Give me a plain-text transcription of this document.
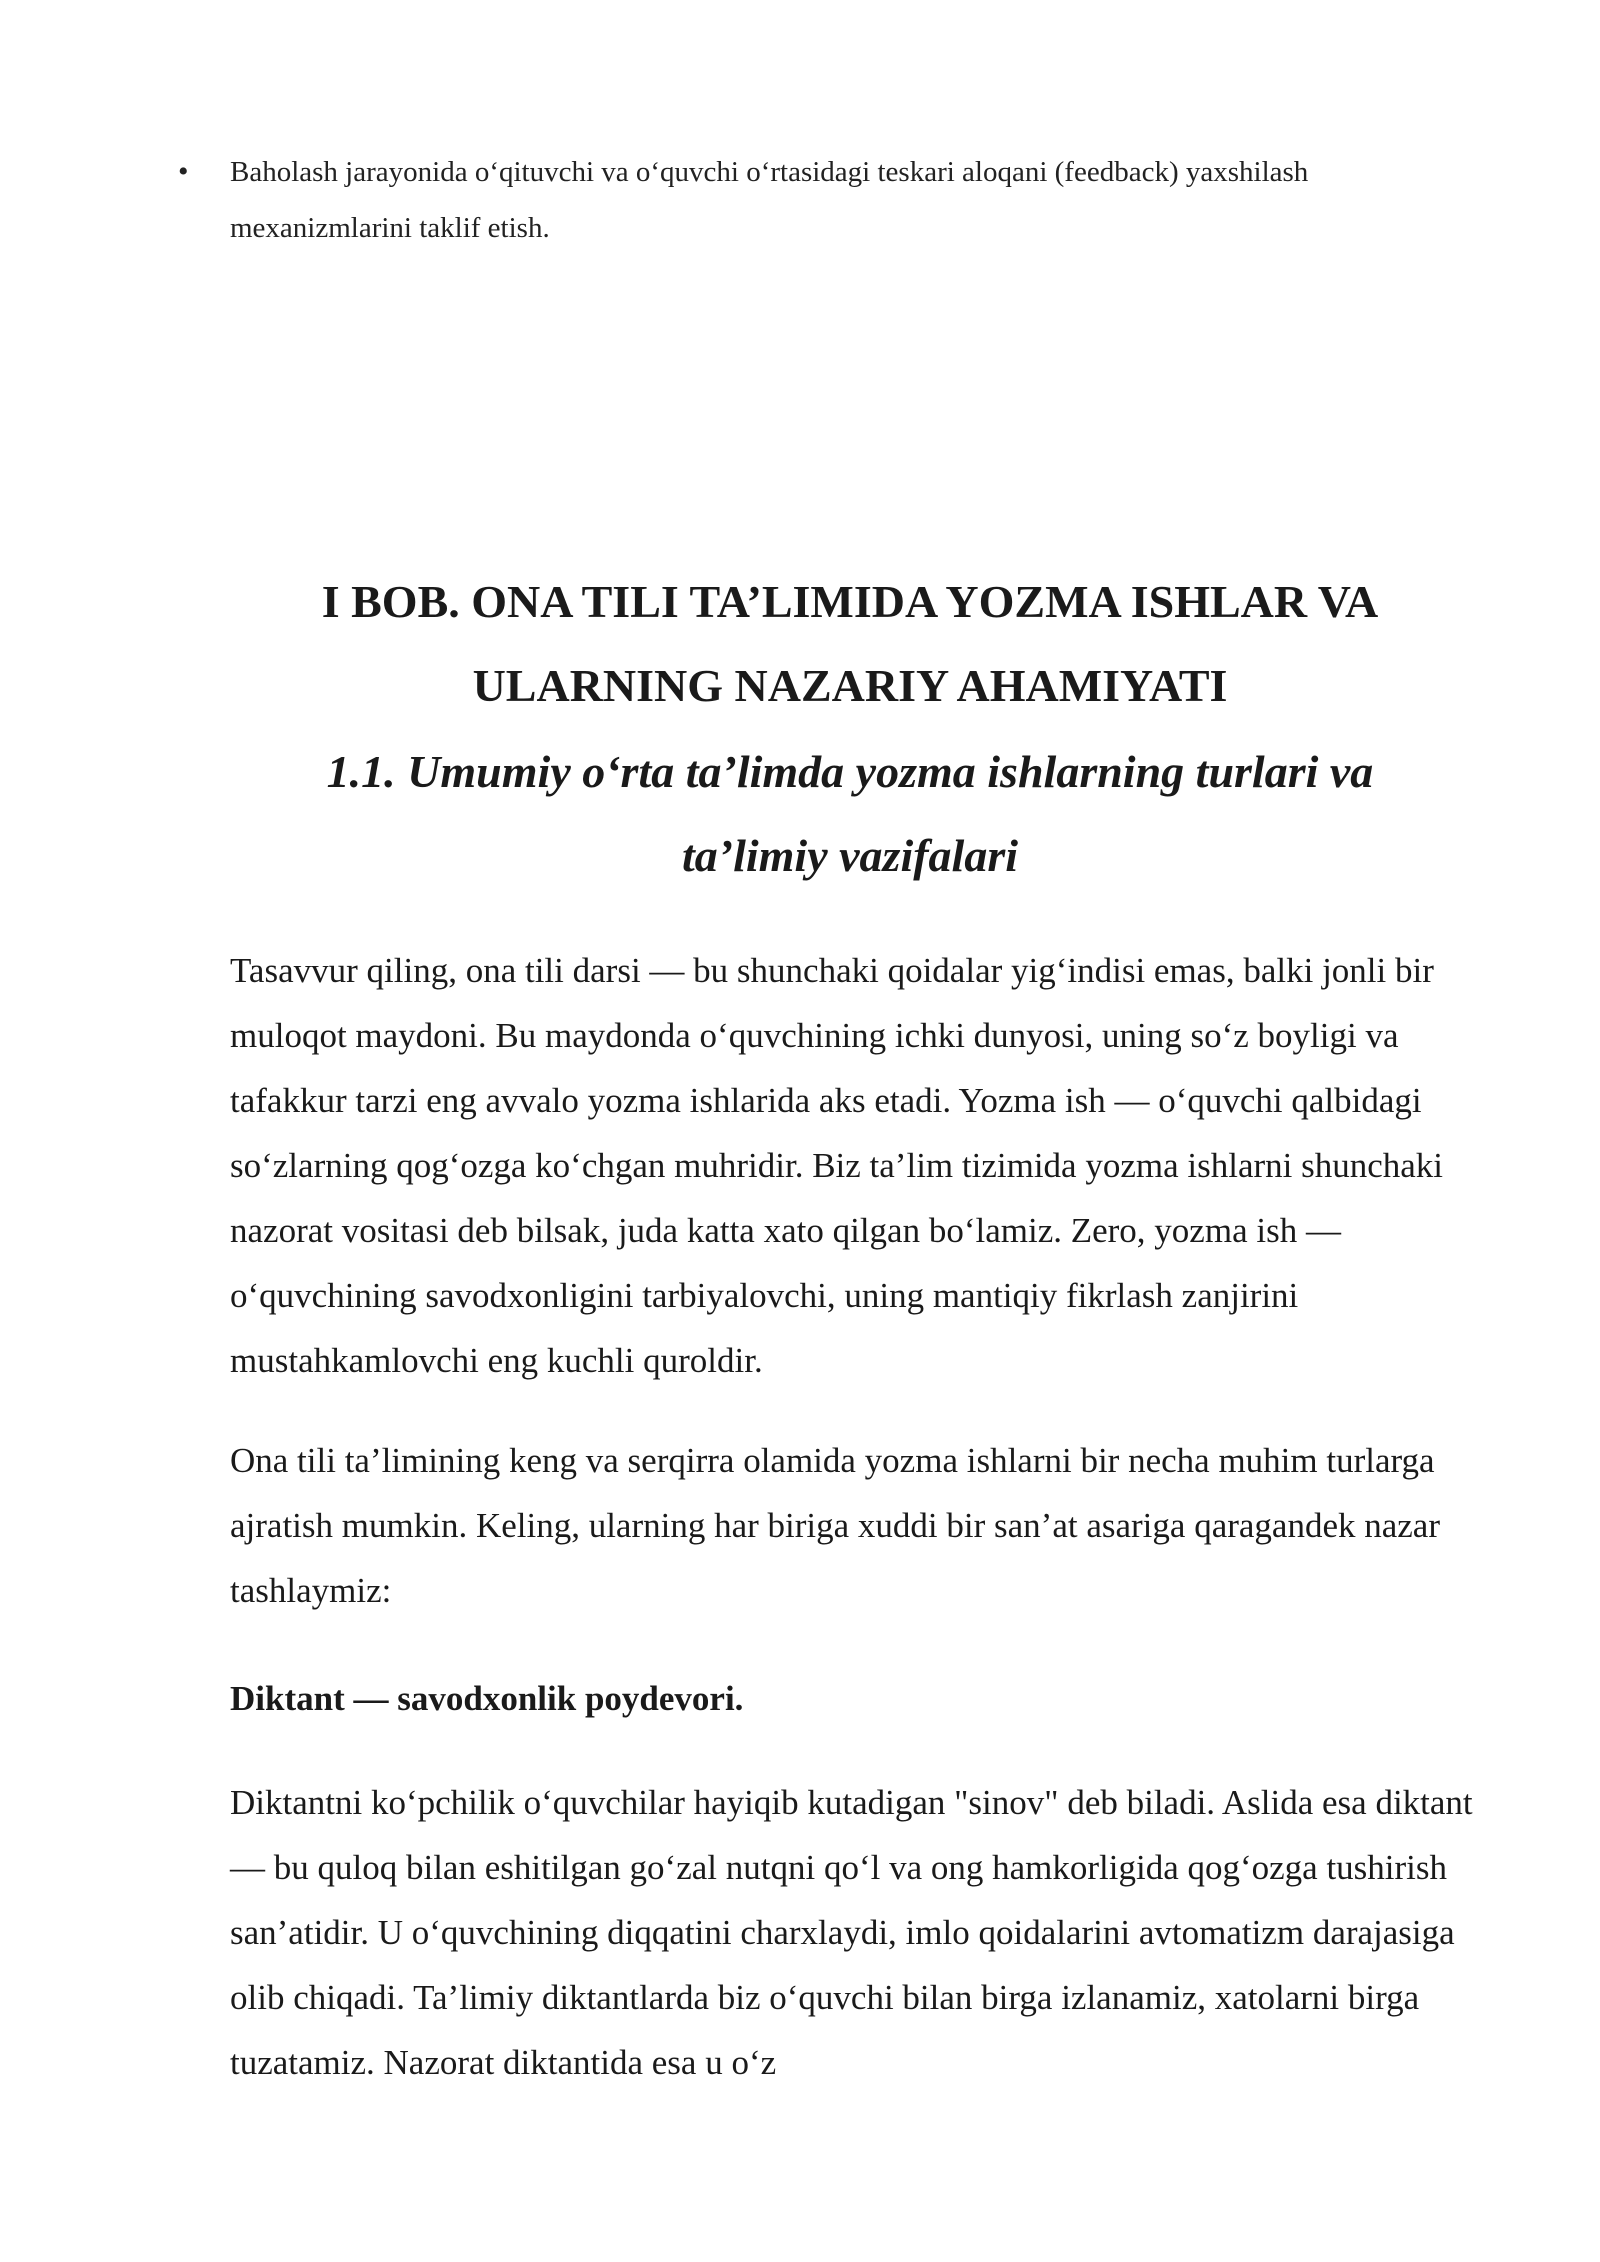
• Baholash jarayonida o‘qituvchi va o‘quvchi o‘rtasidagi teskari aloqani (feedback) yaxshilash mexanizmlarini taklif etish.
I BOB. ONA TILI TA’LIMIDA YOZMA ISHLAR VA ULARNING NAZARIY AHAMIYATI
1.1. Umumiy o‘rta ta’limda yozma ishlarning turlari va ta’limiy vazifalari

Tasavvur qiling, ona tili darsi — bu shunchaki qoidalar yig‘indisi emas, balki jonli bir muloqot maydoni. Bu maydonda o‘quvchining ichki dunyosi, uning so‘z boyligi va tafakkur tarzi eng avvalo yozma ishlarida aks etadi. Yozma ish — o‘quvchi qalbidagi so‘zlarning qog‘ozga ko‘chgan muhridir. Biz ta’lim tizimida yozma ishlarni shunchaki nazorat vositasi deb bilsak, juda katta xato qilgan bo‘lamiz. Zero, yozma ish — o‘quvchining savodxonligini tarbiyalovchi, uning mantiqiy fikrlash zanjirini mustahkamlovchi eng kuchli quroldir.

Ona tili ta’limining keng va serqirra olamida yozma ishlarni bir necha muhim turlarga ajratish mumkin. Keling, ularning har biriga xuddi bir san’at asariga qaragandek nazar tashlaymiz:

Diktant — savodxonlik poydevori.

Diktantni ko‘pchilik o‘quvchilar hayiqib kutadigan "sinov" deb biladi. Aslida esa diktant — bu quloq bilan eshitilgan go‘zal nutqni qo‘l va ong hamkorligida qog‘ozga tushirish san’atidir. U o‘quvchining diqqatini charxlaydi, imlo qoidalarini avtomatizm darajasiga olib chiqadi. Ta’limiy diktantlarda biz o‘quvchi bilan birga izlanamiz, xatolarni birga tuzatamiz. Nazorat diktantida esa u o‘z
